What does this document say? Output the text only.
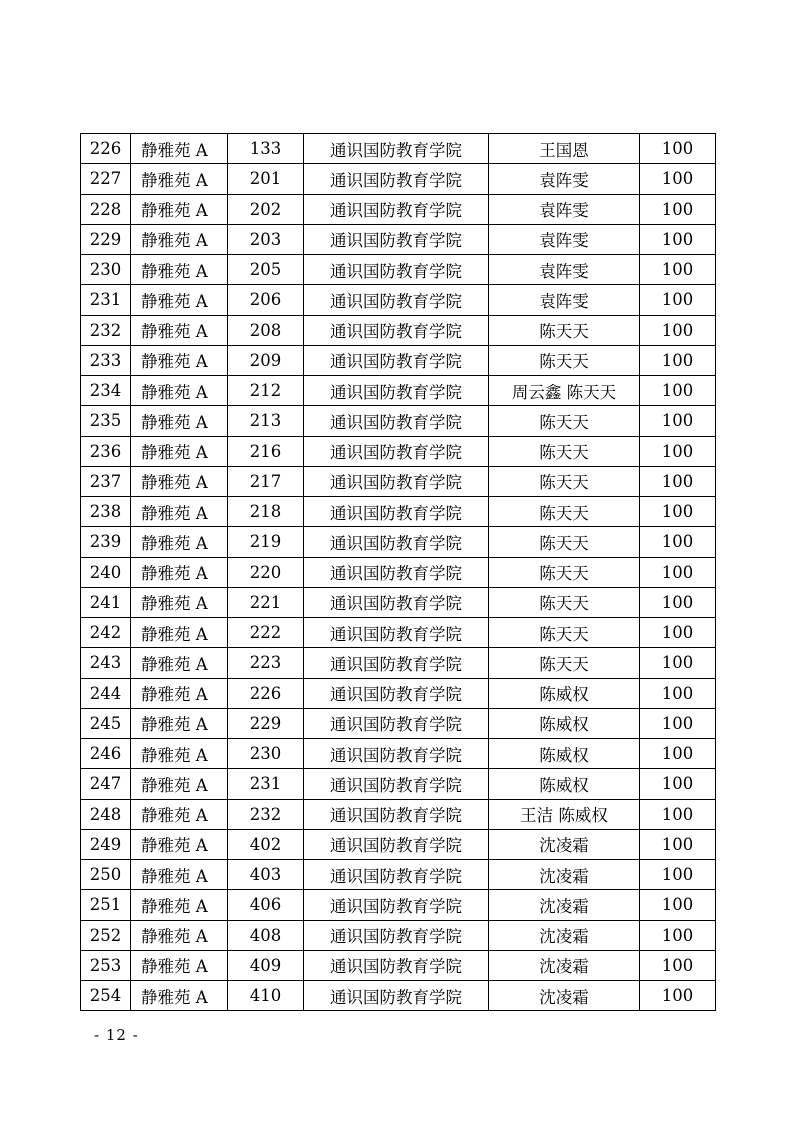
226	静雅苑 A	133	通识国防教育学院	王国恩	100
227	静雅苑 A	201	通识国防教育学院	袁阵雯	100
228	静雅苑 A	202	通识国防教育学院	袁阵雯	100
229	静雅苑 A	203	通识国防教育学院	袁阵雯	100
230	静雅苑 A	205	通识国防教育学院	袁阵雯	100
231	静雅苑 A	206	通识国防教育学院	袁阵雯	100
232	静雅苑 A	208	通识国防教育学院	陈天天	100
233	静雅苑 A	209	通识国防教育学院	陈天天	100
234	静雅苑 A	212	通识国防教育学院	周云鑫 陈天天	100
235	静雅苑 A	213	通识国防教育学院	陈天天	100
236	静雅苑 A	216	通识国防教育学院	陈天天	100
237	静雅苑 A	217	通识国防教育学院	陈天天	100
238	静雅苑 A	218	通识国防教育学院	陈天天	100
239	静雅苑 A	219	通识国防教育学院	陈天天	100
240	静雅苑 A	220	通识国防教育学院	陈天天	100
241	静雅苑 A	221	通识国防教育学院	陈天天	100
242	静雅苑 A	222	通识国防教育学院	陈天天	100
243	静雅苑 A	223	通识国防教育学院	陈天天	100
244	静雅苑 A	226	通识国防教育学院	陈威权	100
245	静雅苑 A	229	通识国防教育学院	陈威权	100
246	静雅苑 A	230	通识国防教育学院	陈威权	100
247	静雅苑 A	231	通识国防教育学院	陈威权	100
248	静雅苑 A	232	通识国防教育学院	王洁 陈威权	100
249	静雅苑 A	402	通识国防教育学院	沈凌霜	100
250	静雅苑 A	403	通识国防教育学院	沈凌霜	100
251	静雅苑 A	406	通识国防教育学院	沈凌霜	100
252	静雅苑 A	408	通识国防教育学院	沈凌霜	100
253	静雅苑 A	409	通识国防教育学院	沈凌霜	100
254	静雅苑 A	410	通识国防教育学院	沈凌霜	100
- 12 -
